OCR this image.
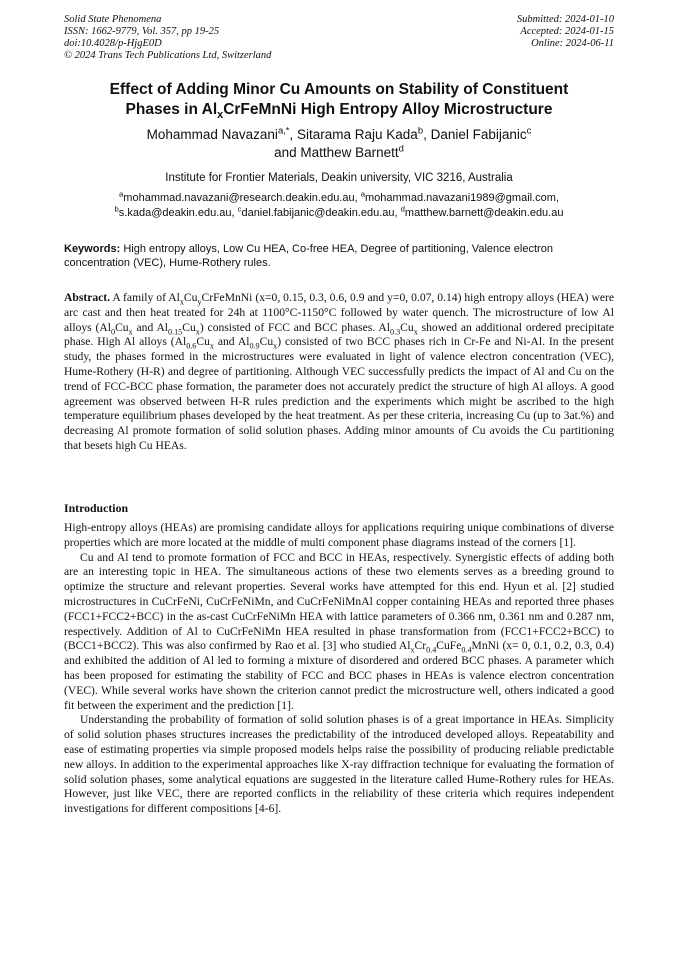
Solid State Phenomena
ISSN: 1662-9779, Vol. 357, pp 19-25
doi:10.4028/p-HjgE0D
© 2024 Trans Tech Publications Ltd, Switzerland
Submitted: 2024-01-10
Accepted: 2024-01-15
Online: 2024-06-11
Effect of Adding Minor Cu Amounts on Stability of Constituent
Phases in $Al_xCrFeMnNi$ High Entropy Alloy Microstructure
Mohammad Navazani$^{a,*}$, Sitarama Raju Kada$^b$, Daniel Fabijanic$^c$
and Matthew Barnett$^d$
Institute for Frontier Materials, Deakin university, VIC 3216, Australia
$^a$mohammad.navazani@research.deakin.edu.au, $^a$mohammad.navazani1989@gmail.com,
$^b$s.kada@deakin.edu.au, $^c$daniel.fabijanic@deakin.edu.au, $^d$matthew.barnett@deakin.edu.au
Keywords: High entropy alloys, Low Cu HEA, Co-free HEA, Degree of partitioning, Valence electron concentration (VEC), Hume-Rothery rules.
Abstract. A family of $Al_xCu_yCrFeMnNi$ (x=0, 0.15, 0.3, 0.6, 0.9 and y=0, 0.07, 0.14) high entropy alloys (HEA) were arc cast and then heat treated for 24h at 1100°C-1150°C followed by water quench. The microstructure of low Al alloys ($Al_0Cu_x$ and $Al_{0.15}Cu_x$) consisted of FCC and BCC phases. $Al_{0.3}Cu_x$ showed an additional ordered precipitate phase. High Al alloys ($Al_{0.6}Cu_x$ and $Al_{0.9}Cu_x$) consisted of two BCC phases rich in Cr-Fe and Ni-Al. In the present study, the phases formed in the microstructures were evaluated in light of valence electron concentration (VEC), Hume-Rothery (H-R) and degree of partitioning. Although VEC successfully predicts the impact of Al and Cu on the trend of FCC-BCC phase formation, the parameter does not accurately predict the structure of high Al alloys. A good agreement was observed between H-R rules prediction and the experiments which might be ascribed to the high temperature equilibrium phases developed by the heat treatment. As per these criteria, increasing Cu (up to 3at.%) and decreasing Al promote formation of solid solution phases. Adding minor amounts of Cu avoids the Cu partitioning that besets high Cu HEAs.
Introduction

High-entropy alloys (HEAs) are promising candidate alloys for applications requiring unique combinations of diverse properties which are more located at the middle of multi component phase diagrams instead of the corners [1].

Cu and Al tend to promote formation of FCC and BCC in HEAs, respectively. Synergistic effects of adding both are an interesting topic in HEA. The simultaneous actions of these two elements serves as a breeding ground to optimize the structure and relevant properties. Several works have attempted for this end. Hyun et al. [2] studied microstructures in CuCrFeNi, CuCrFeNiMn, and CuCrFeNiMnAl copper containing HEAs and reported three phases (FCC1+FCC2+BCC) in the as-cast CuCrFeNiMn HEA with lattice parameters of 0.366 nm, 0.361 nm and 0.287 nm, respectively. Addition of Al to CuCrFeNiMn HEA resulted in phase transformation from (FCC1+FCC2+BCC) to (BCC1+BCC2). This was also confirmed by Rao et al. [3] who studied $Al_xCr_{0.4}CuFe_{0.4}MnNi$ (x= 0, 0.1, 0.2, 0.3, 0.4) and exhibited the addition of Al led to forming a mixture of disordered and ordered BCC phases. A parameter which has been proposed for estimating the stability of FCC and BCC phases in HEAs is valence electron concentration (VEC). While several works have shown the criterion cannot predict the microstructure well, others indicated a good fit between the experiment and the prediction [1].

Understanding the probability of formation of solid solution phases is of a great importance in HEAs. Simplicity of solid solution phases structures increases the predictability of the introduced developed alloys. Repeatability and ease of estimating properties via simple proposed models helps raise the possibility of producing reliable predictable new alloys. In addition to the experimental approaches like X-ray diffraction technique for evaluating the formation of solid solution phases, some analytical equations are suggested in the literature called Hume-Rothery rules for HEAs. However, just like VEC, there are reported conflicts in the reliability of these criteria which requires independent investigations for different compositions [4-6].
